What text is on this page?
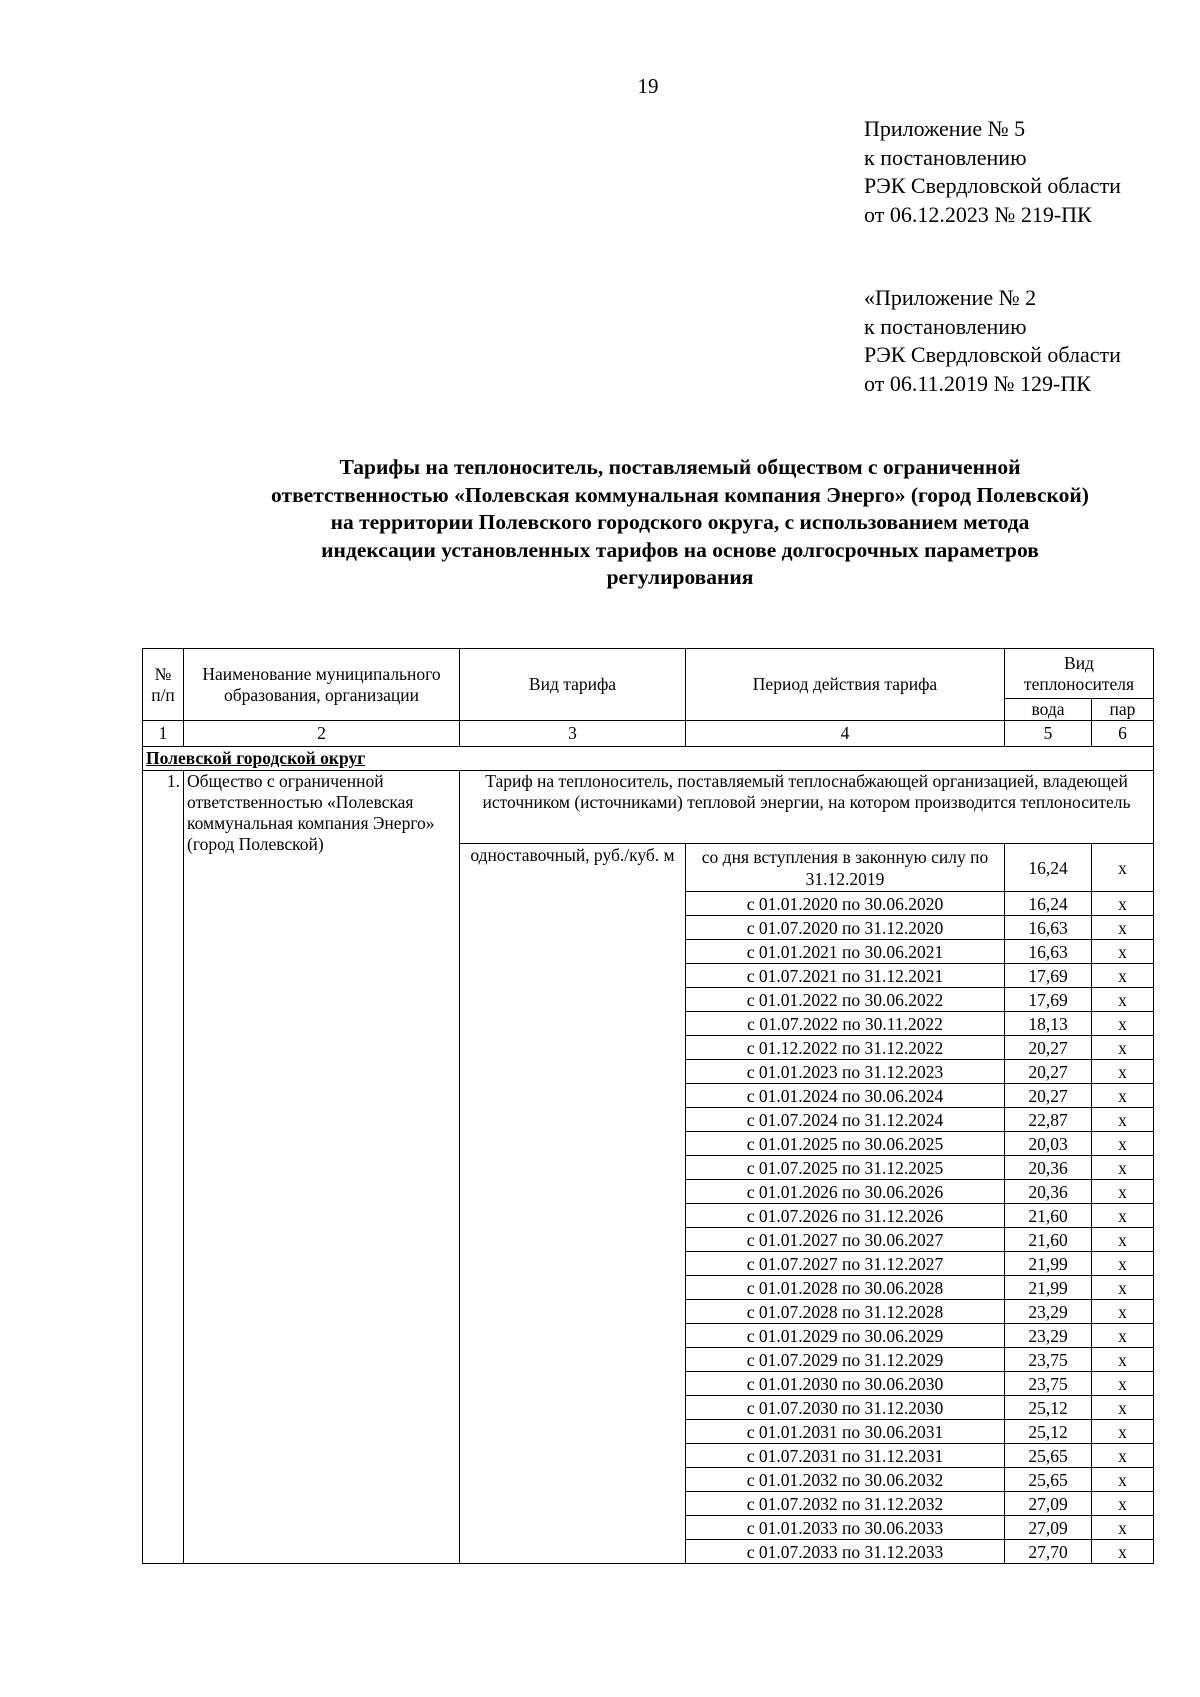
19
Приложение № 5
к постановлению
РЭК Свердловской области
от 06.12.2023 № 219-ПК
«Приложение № 2
к постановлению
РЭК Свердловской области
от 06.11.2019 № 129-ПК
Тарифы на теплоноситель, поставляемый обществом с ограниченной
ответственностью «Полевская коммунальная компания Энерго» (город Полевской)
на территории Полевского городского округа, с использованием метода
индексации установленных тарифов на основе долгосрочных параметров
регулирования
№ п/п	Наименование муниципального образования, организации	Вид тарифа	Период действия тарифа	Вид теплоносителя	
				вода	пар
1	2	3	4	5	6
Полевской городской округ					
1.	Общество с ограниченной ответственностью «Полевская коммунальная компания Энерго» (город Полевской)	Тариф на теплоноситель, поставляемый теплоснабжающей организацией, владеющей источником (источниками) тепловой энергии, на котором производится теплоноситель			
		одноставочный, руб./куб. м	со дня вступления в законную силу по 31.12.2019	16,24	х
			с 01.01.2020 по 30.06.2020	16,24	х
			с 01.07.2020 по 31.12.2020	16,63	х
			с 01.01.2021 по 30.06.2021	16,63	х
			с 01.07.2021 по 31.12.2021	17,69	х
			с 01.01.2022 по 30.06.2022	17,69	х
			с 01.07.2022 по 30.11.2022	18,13	х
			с 01.12.2022 по 31.12.2022	20,27	х
			с 01.01.2023 по 31.12.2023	20,27	х
			с 01.01.2024 по 30.06.2024	20,27	х
			с 01.07.2024 по 31.12.2024	22,87	х
			с 01.01.2025 по 30.06.2025	20,03	х
			с 01.07.2025 по 31.12.2025	20,36	х
			с 01.01.2026 по 30.06.2026	20,36	х
			с 01.07.2026 по 31.12.2026	21,60	х
			с 01.01.2027 по 30.06.2027	21,60	х
			с 01.07.2027 по 31.12.2027	21,99	х
			с 01.01.2028 по 30.06.2028	21,99	х
			с 01.07.2028 по 31.12.2028	23,29	х
			с 01.01.2029 по 30.06.2029	23,29	х
			с 01.07.2029 по 31.12.2029	23,75	х
			с 01.01.2030 по 30.06.2030	23,75	х
			с 01.07.2030 по 31.12.2030	25,12	х
			с 01.01.2031 по 30.06.2031	25,12	х
			с 01.07.2031 по 31.12.2031	25,65	х
			с 01.01.2032 по 30.06.2032	25,65	х
			с 01.07.2032 по 31.12.2032	27,09	х
			с 01.01.2033 по 30.06.2033	27,09	х
			с 01.07.2033 по 31.12.2033	27,70	х
